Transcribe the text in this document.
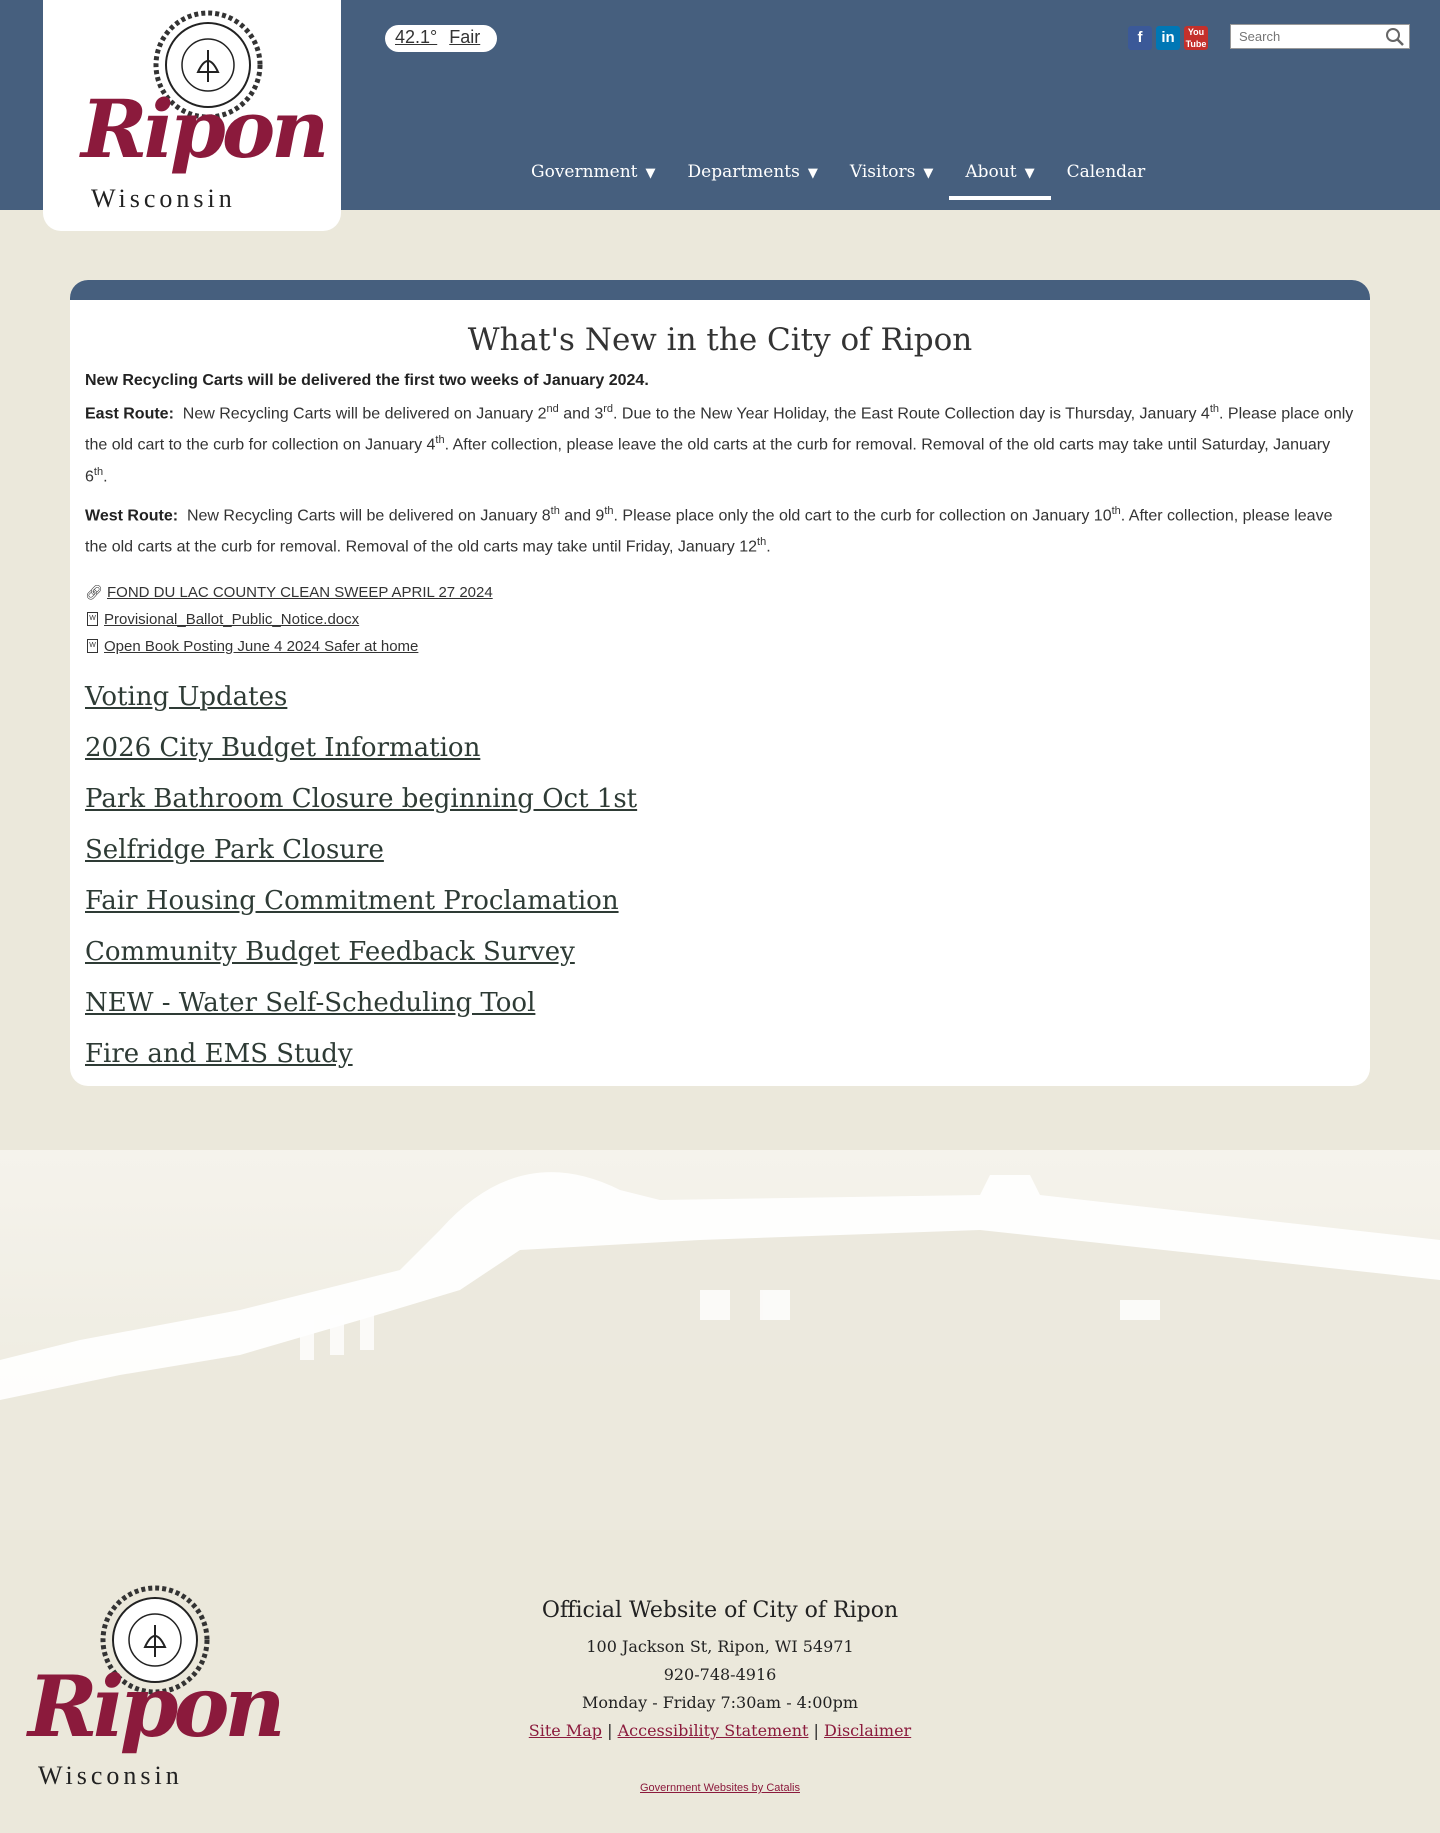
42.1° Fair	f	in	You Tube
Search
Government ▼	Departments ▼	Visitors ▼	About ▼	Calendar
Ripon
Wisconsin
What's New in the City of Ripon

New Recycling Carts will be delivered the first two weeks of January 2024.

East Route: New Recycling Carts will be delivered on January 2nd and 3rd. Due to the New Year Holiday, the East Route Collection day is Thursday, January 4th. Please place only the old cart to the curb for collection on January 4th. After collection, please leave the old carts at the curb for removal. Removal of the old carts may take until Saturday, January 6th.

West Route: New Recycling Carts will be delivered on January 8th and 9th. Please place only the old cart to the curb for collection on January 10th. After collection, please leave the old carts at the curb for removal. Removal of the old carts may take until Friday, January 12th.

🔗︎ FOND DU LAC COUNTY CLEAN SWEEP APRIL 27 2024
W Provisional_Ballot_Public_Notice.docx
W Open Book Posting June 4 2024 Safer at home
Voting Updates
2026 City Budget Information
Park Bathroom Closure beginning Oct 1st
Selfridge Park Closure
Fair Housing Commitment Proclamation
Community Budget Feedback Survey
NEW - Water Self-Scheduling Tool
Fire and EMS Study
Ripon
Wisconsin
Official Website of City of Ripon
100 Jackson St, Ripon, WI 54971
920-748-4916
Monday - Friday 7:30am - 4:00pm
Site Map | Accessibility Statement | Disclaimer
Government Websites by Catalis
